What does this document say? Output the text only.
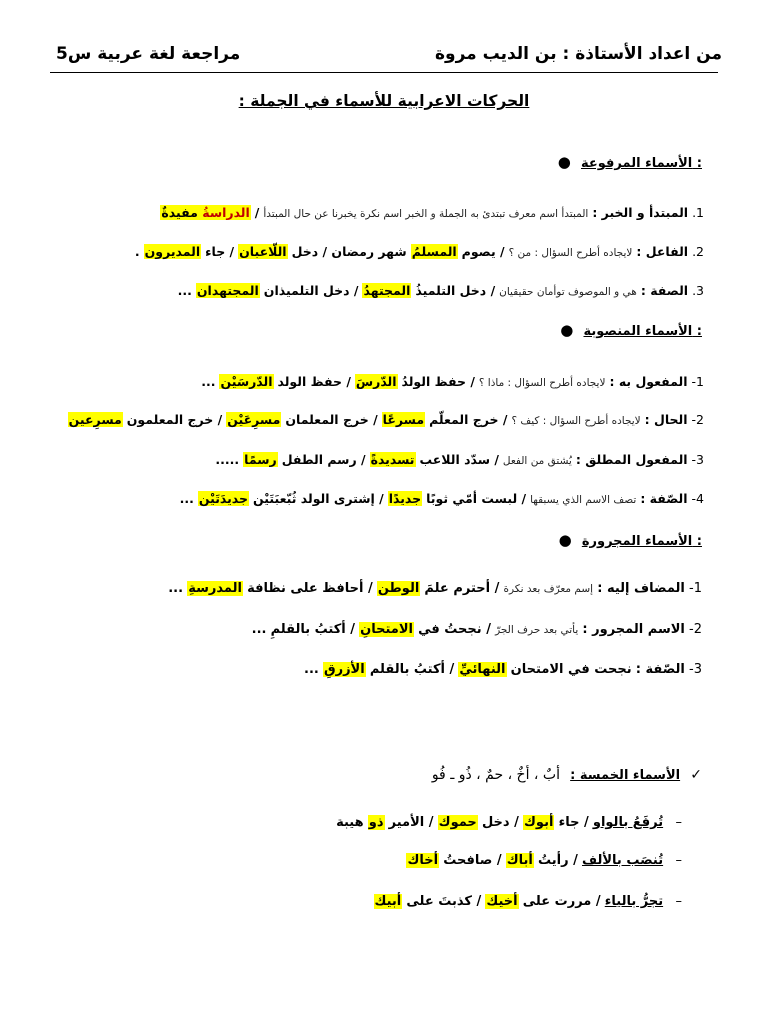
من اعداد الأستاذة : بن الديب مروة
مراجعة لغة عربية س5
الحركات الاعرابية للأسماء في الجملة :
● الأسماء المرفوعة :
1. المبتدأ و الخبر : المبتدأ اسم معرف تبتدئ به الجملة و الخبر اسم نكرة يخبرنا عن حال المبتدأ / الدراسةُ مفيدةٌ
2. الفاعل : لايجاده أطرح السؤال : من ؟ / يصوم المسلمُ شهر رمضان / دخل اللّاعبان / جاء المديرون .
3. الصفة : هي و الموصوف توأمان حقيقيان / دخل التلميذُ المجتهدُ / دخل التلميذان المجتهدان ...
● الأسماء المنصوبة :
1- المفعول به : لايجاده أطرح السؤال : ماذا ؟ / حفظ الولدُ الدّرسَ / حفظ الولد الدّرسَيْن ...
2- الحال : لايجاده أطرح السؤال : كيف ؟ / خرج المعلّم مسرعًا / خرج المعلمان مسرِعَيْن / خرج المعلمون مسرِعين
3- المفعول المطلق : يُشتق من الفعل / سدّد اللاعب تسديدةً / رسم الطفل رسمًا .....
4- الصّفة : تصف الاسم الذي يسبقها / لبست أمّي ثوبًا جديدًا / إشترى الولد ثُبّعبَتَيْن جديدَتَيْن ...
● الأسماء المجرورة :
1- المضاف إليه : إسم معرّف بعد نكرة / أحترم علمَ الوطن / أحافظ على نظافة المدرسةِ ...
2- الاسم المجرور : يأتي بعد حرف الجرّ / نجحتُ في الامتحانِ / أكتبُ بالقلمِ ...
3- الصّفة : نجحت في الامتحان النهائيِّ / أكتبُ بالقلم الأزرقِ ...
✓  الأسماء الخمسة :  أبٌ ، أخٌ ، حمٌ ، ذُو ـ فُو
–   تُرفَعُ بالواو / جاء أبوك / دخل حموك / الأمير ذو هيبة
–   تُنصَب بالألف / رأيتُ أباك / صافحتُ أخاك
–   تجرُّ بالياء / مررت على أخيك / كذبتَ على أبيك
